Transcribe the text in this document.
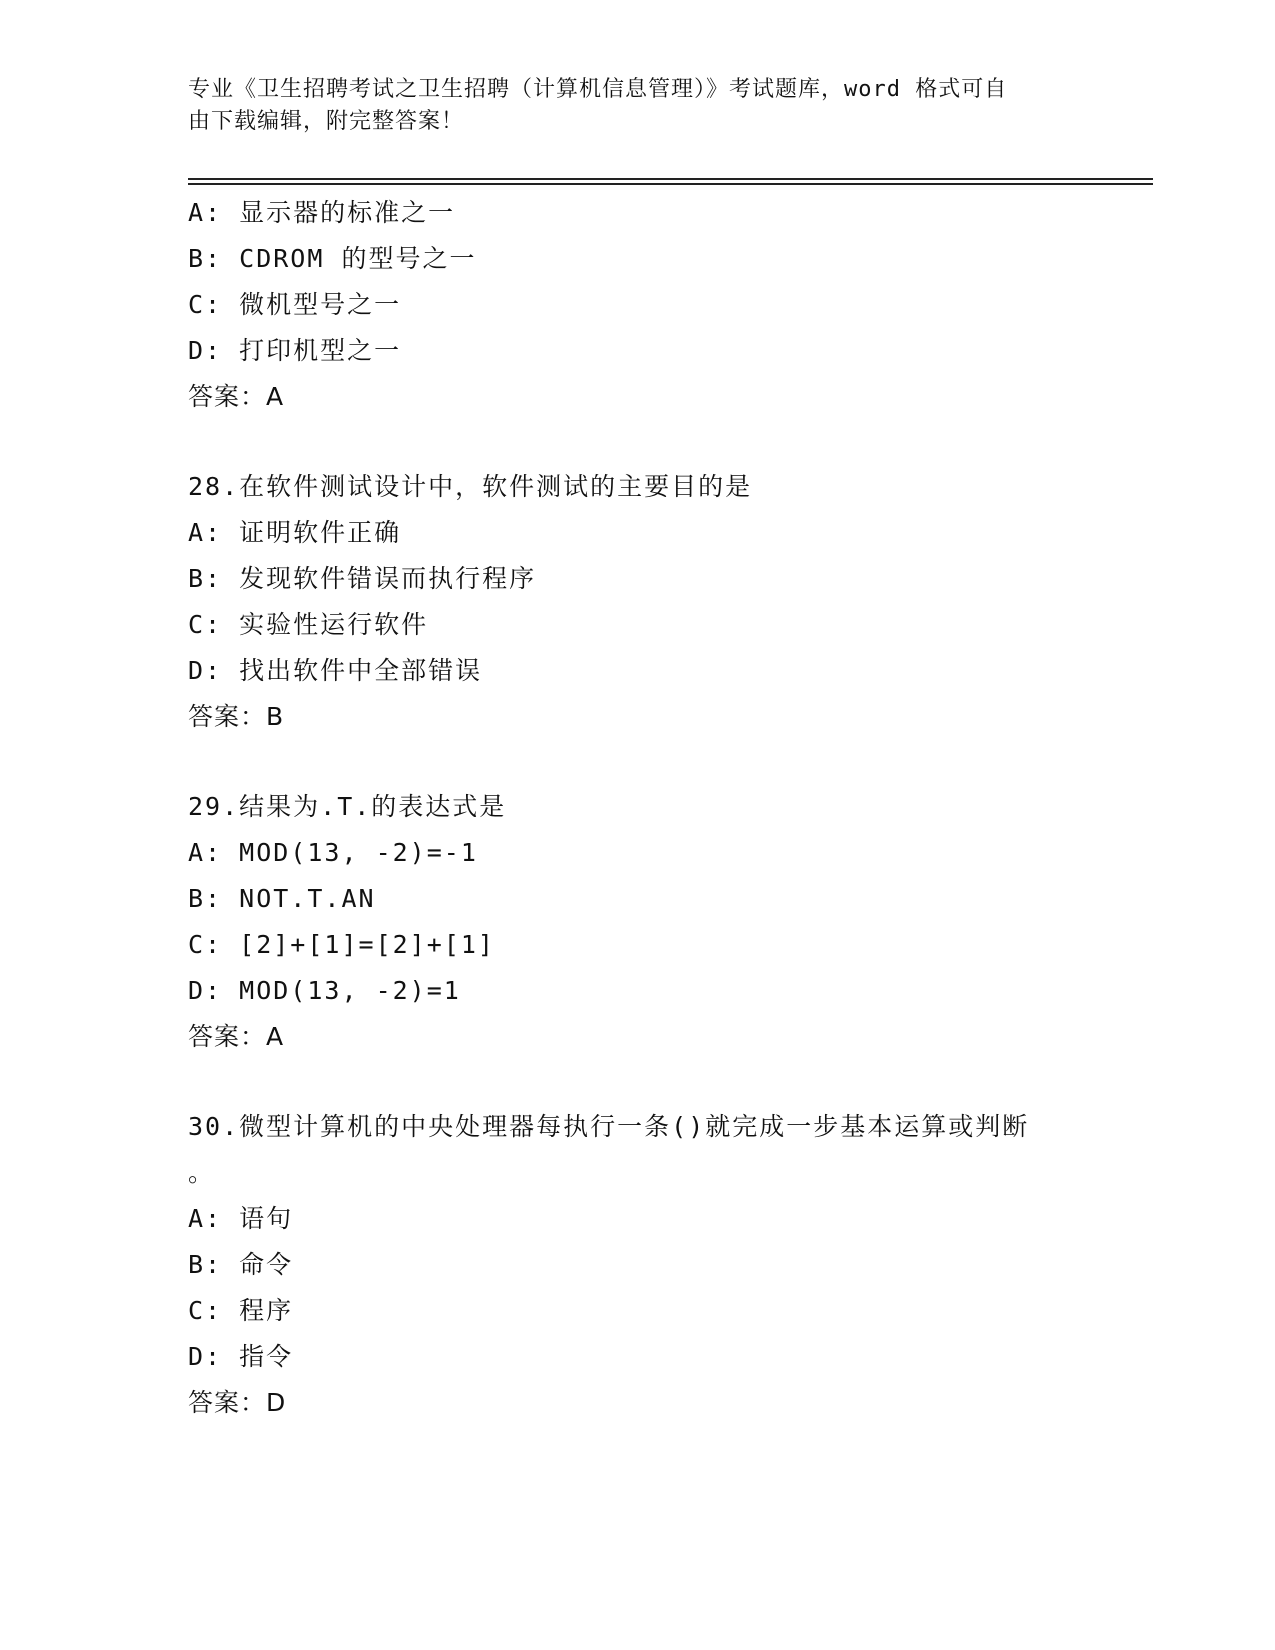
专业《卫生招聘考试之卫生招聘（计算机信息管理）》考试题库，word 格式可自
由下载编辑，附完整答案！
A: 显示器的标准之一
B: CDROM 的型号之一
C: 微机型号之一
D: 打印机型之一
答案：A
28.在软件测试设计中，软件测试的主要目的是
A: 证明软件正确
B: 发现软件错误而执行程序
C: 实验性运行软件
D: 找出软件中全部错误
答案：B
29.结果为.T.的表达式是
A: MOD(13, -2)=-1
B: NOT.T.AN
C: [2]+[1]=[2]+[1]
D: MOD(13, -2)=1
答案：A
30.微型计算机的中央处理器每执行一条()就完成一步基本运算或判断
。
A: 语句
B: 命令
C: 程序
D: 指令
答案：D
